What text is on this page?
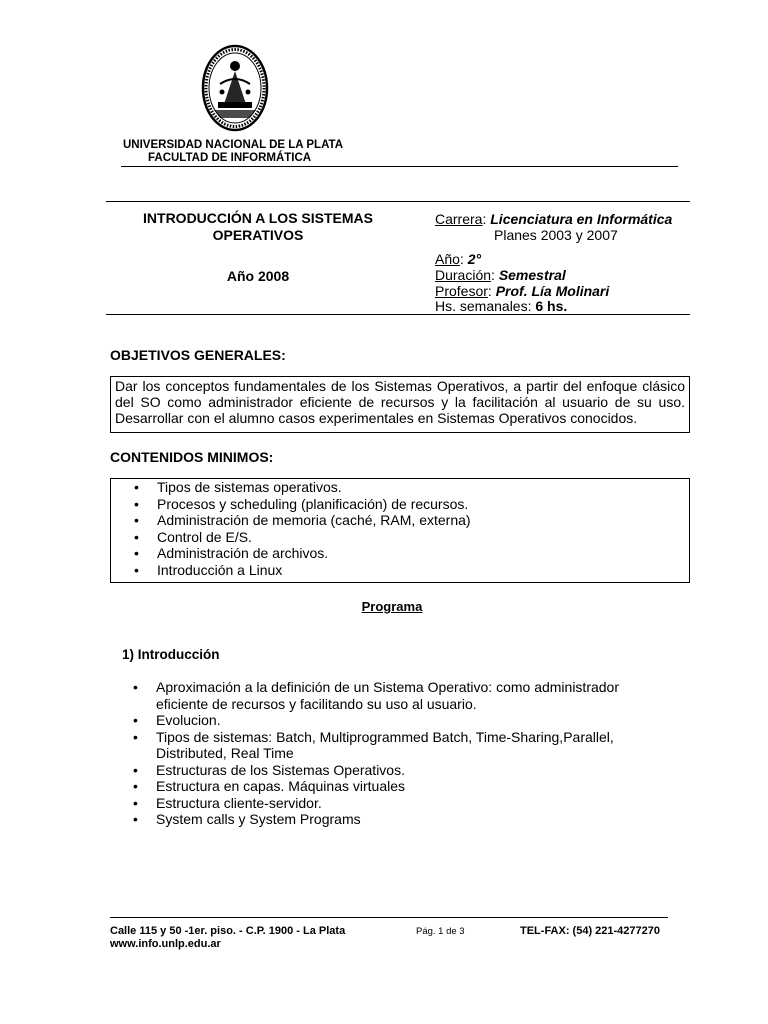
UNIVERSIDAD NACIONAL DE LA PLATA
FACULTAD DE INFORMÁTICA
INTRODUCCIÓN A LOS SISTEMAS
OPERATIVOS
Año 2008
Carrera: Licenciatura en Informática
Planes 2003 y 2007
Año: 2°
Duración: Semestral
Profesor: Prof. Lía Molinari
Hs. semanales: 6 hs.
OBJETIVOS GENERALES:
Dar los conceptos fundamentales de los Sistemas Operativos, a partir del enfoque clásico del SO como administrador eficiente de recursos y la facilitación al usuario de su uso. Desarrollar con el alumno casos experimentales en Sistemas Operativos conocidos.
CONTENIDOS MINIMOS:
• Tipos de sistemas operativos.
• Procesos y scheduling (planificación) de recursos.
• Administración de memoria (caché, RAM, externa)
• Control de E/S.
• Administración de archivos.
• Introducción a Linux
Programa
1) Introducción
• Aproximación a la definición de un Sistema Operativo: como administrador eficiente de recursos y facilitando su uso al usuario.
• Evolucion.
• Tipos de sistemas: Batch, Multiprogrammed Batch, Time-Sharing,Parallel, Distributed, Real Time
• Estructuras de los Sistemas Operativos.
• Estructura en capas. Máquinas virtuales
• Estructura cliente-servidor.
• System calls y System Programs
Calle 115 y 50 -1er. piso. - C.P. 1900 - La Plata
www.info.unlp.edu.ar
Pág. 1 de 3	TEL-FAX: (54) 221-4277270
